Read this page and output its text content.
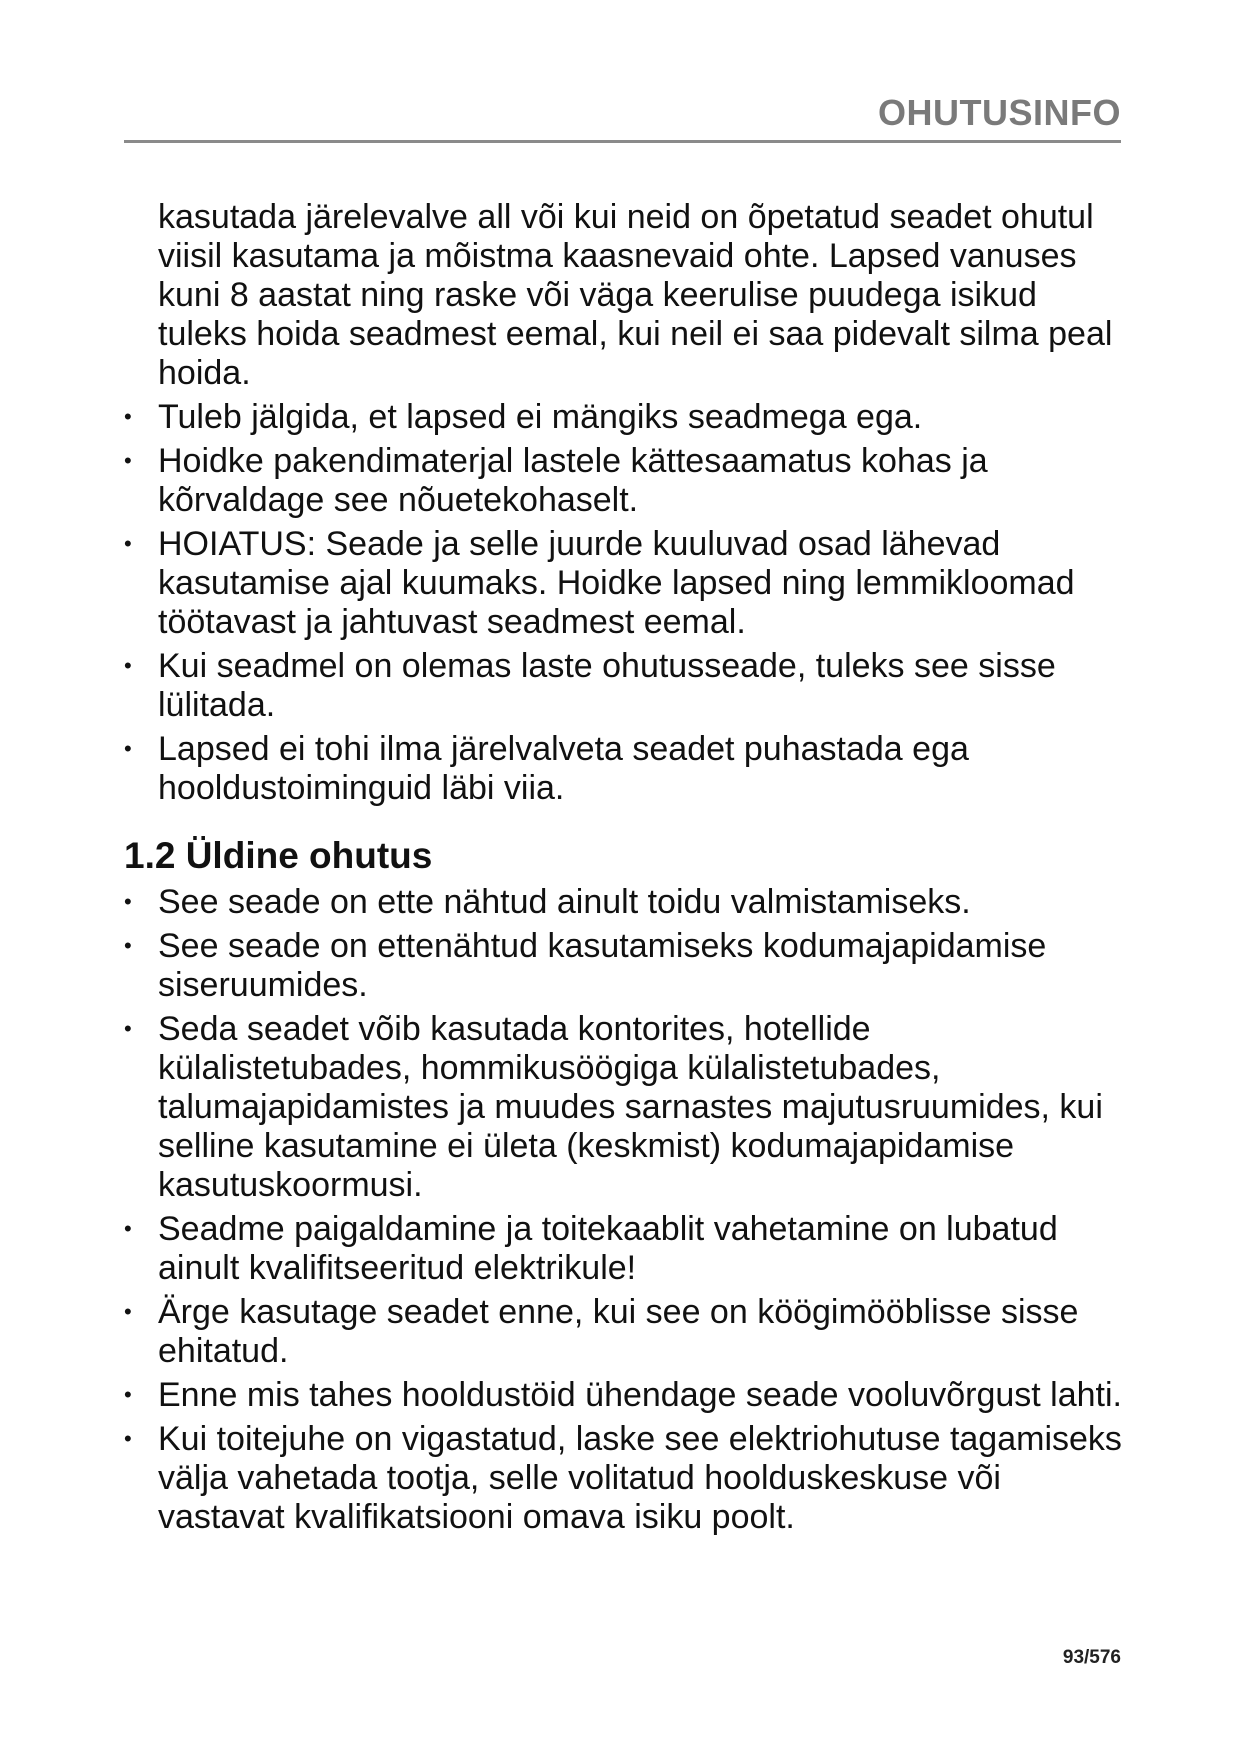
OHUTUSINFO

kasutada järelevalve all või kui neid on õpetatud seadet ohutul viisil kasutama ja mõistma kaasnevaid ohte. Lapsed vanuses kuni 8 aastat ning raske või väga keerulise puudega isikud tuleks hoida seadmest eemal, kui neil ei saa pidevalt silma peal hoida.

• Tuleb jälgida, et lapsed ei mängiks seadmega ega.
• Hoidke pakendimaterjal lastele kättesaamatus kohas ja kõrvaldage see nõuetekohaselt.
• HOIATUS: Seade ja selle juurde kuuluvad osad lähevad kasutamise ajal kuumaks. Hoidke lapsed ning lemmikloomad töötavast ja jahtuvast seadmest eemal.
• Kui seadmel on olemas laste ohutusseade, tuleks see sisse lülitada.
• Lapsed ei tohi ilma järelvalveta seadet puhastada ega hooldustoiminguid läbi viia.
1.2 Üldine ohutus
• See seade on ette nähtud ainult toidu valmistamiseks.
• See seade on ettenähtud kasutamiseks kodumajapidamise siseruumides.
• Seda seadet võib kasutada kontorites, hotellide külalistetubades, hommikusöögiga külalistetubades, talumajapidamistes ja muudes sarnastes majutusruumides, kui selline kasutamine ei ületa (keskmist) kodumajapidamise kasutuskoormusi.
• Seadme paigaldamine ja toitekaablit vahetamine on lubatud ainult kvalifitseeritud elektrikule!
• Ärge kasutage seadet enne, kui see on köögimööblisse sisse ehitatud.
• Enne mis tahes hooldustöid ühendage seade vooluvõrgust lahti.
• Kui toitejuhe on vigastatud, laske see elektriohutuse tagamiseks välja vahetada tootja, selle volitatud hoolduskeskuse või vastavat kvalifikatsiooni omava isiku poolt.
93/576
